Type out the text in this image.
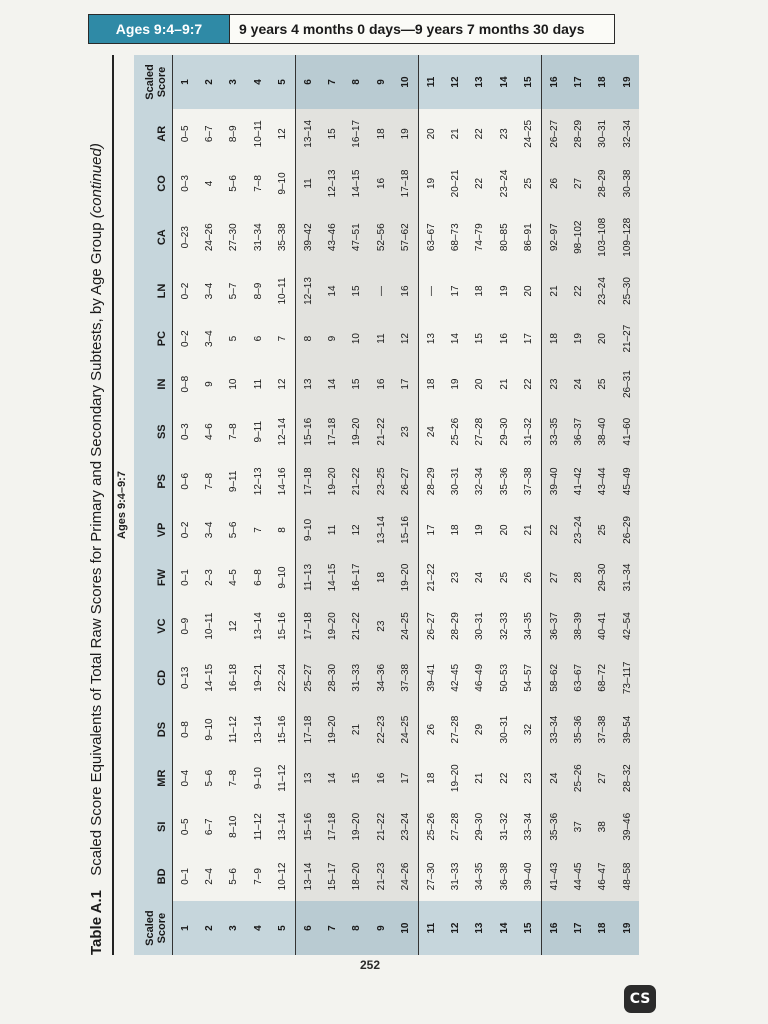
Ages 9:4–9:7	9 years 4 months 0 days—9 years 7 months 30 days
Table A.1 Scaled Score Equivalents of Total Raw Scores for Primary and Secondary Subtests, by Age Group (continued)
Ages 9:4–9:7
Scaled Score	BD	SI	MR	DS	CD	VC	FW	VP	PS	SS	IN	PC	LN	CA	CO	AR	Scaled Score
1	0–1	0–5	0–4	0–8	0–13	0–9	0–1	0–2	0–6	0–3	0–8	0–2	0–2	0–23	0–3	0–5	1
2	2–4	6–7	5–6	9–10	14–15	10–11	2–3	3–4	7–8	4–6	9	3–4	3–4	24–26	4	6–7	2
3	5–6	8–10	7–8	11–12	16–18	12	4–5	5–6	9–11	7–8	10	5	5–7	27–30	5–6	8–9	3
4	7–9	11–12	9–10	13–14	19–21	13–14	6–8	7	12–13	9–11	11	6	8–9	31–34	7–8	10–11	4
5	10–12	13–14	11–12	15–16	22–24	15–16	9–10	8	14–16	12–14	12	7	10–11	35–38	9–10	12	5
6	13–14	15–16	13	17–18	25–27	17–18	11–13	9–10	17–18	15–16	13	8	12–13	39–42	11	13–14	6
7	15–17	17–18	14	19–20	28–30	19–20	14–15	11	19–20	17–18	14	9	14	43–46	12–13	15	7
8	18–20	19–20	15	21	31–33	21–22	16–17	12	21–22	19–20	15	10	15	47–51	14–15	16–17	8
9	21–23	21–22	16	22–23	34–36	23	18	13–14	23–25	21–22	16	11	—	52–56	16	18	9
10	24–26	23–24	17	24–25	37–38	24–25	19–20	15–16	26–27	23	17	12	16	57–62	17–18	19	10
11	27–30	25–26	18	26	39–41	26–27	21–22	17	28–29	24	18	13	—	63–67	19	20	11
12	31–33	27–28	19–20	27–28	42–45	28–29	23	18	30–31	25–26	19	14	17	68–73	20–21	21	12
13	34–35	29–30	21	29	46–49	30–31	24	19	32–34	27–28	20	15	18	74–79	22	22	13
14	36–38	31–32	22	30–31	50–53	32–33	25	20	35–36	29–30	21	16	19	80–85	23–24	23	14
15	39–40	33–34	23	32	54–57	34–35	26	21	37–38	31–32	22	17	20	86–91	25	24–25	15
16	41–43	35–36	24	33–34	58–62	36–37	27	22	39–40	33–35	23	18	21	92–97	26	26–27	16
17	44–45	37	25–26	35–36	63–67	38–39	28	23–24	41–42	36–37	24	19	22	98–102	27	28–29	17
18	46–47	38	27	37–38	68–72	40–41	29–30	25	43–44	38–40	25	20	23–24	103–108	28–29	30–31	18
19	48–58	39–46	28–32	39–54	73–117	42–54	31–34	26–29	45–49	41–60	26–31	21–27	25–30	109–128	30–38	32–34	19
252
CS
